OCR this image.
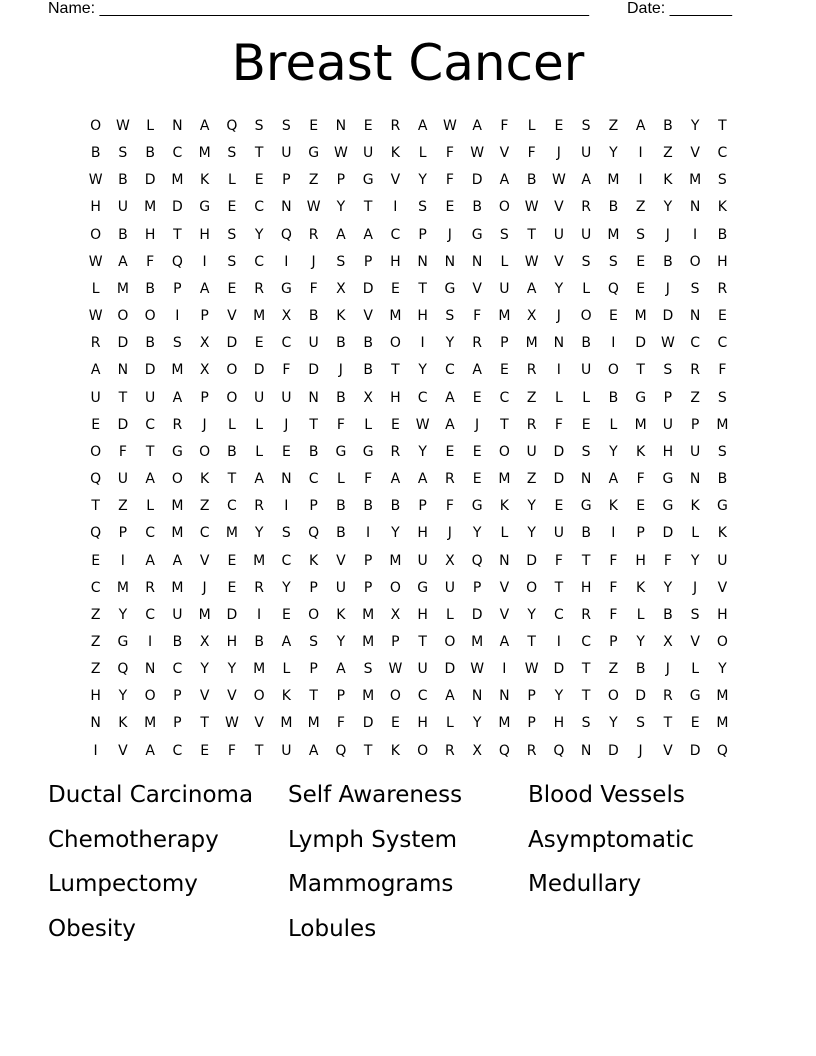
Name: _______________________________________________________ Date: _______
Breast Cancer
O	W	L	N	A	Q	S	S	E	N	E	R	A	W	A	F	L	E	S	Z	A	B	Y	T
B	S	B	C	M	S	T	U	G	W	U	K	L	F	W	V	F	J	U	Y	I	Z	V	C
W	B	D	M	K	L	E	P	Z	P	G	V	Y	F	D	A	B	W	A	M	I	K	M	S
H	U	M	D	G	E	C	N	W	Y	T	I	S	E	B	O	W	V	R	B	Z	Y	N	K
O	B	H	T	H	S	Y	Q	R	A	A	C	P	J	G	S	T	U	U	M	S	J	I	B
W	A	F	Q	I	S	C	I	J	S	P	H	N	N	N	L	W	V	S	S	E	B	O	H
L	M	B	P	A	E	R	G	F	X	D	E	T	G	V	U	A	Y	L	Q	E	J	S	R
W	O	O	I	P	V	M	X	B	K	V	M	H	S	F	M	X	J	O	E	M	D	N	E
R	D	B	S	X	D	E	C	U	B	B	O	I	Y	R	P	M	N	B	I	D	W	C	C
A	N	D	M	X	O	D	F	D	J	B	T	Y	C	A	E	R	I	U	O	T	S	R	F
U	T	U	A	P	O	U	U	N	B	X	H	C	A	E	C	Z	L	L	B	G	P	Z	S
E	D	C	R	J	L	L	J	T	F	L	E	W	A	J	T	R	F	E	L	M	U	P	M
O	F	T	G	O	B	L	E	B	G	G	R	Y	E	E	O	U	D	S	Y	K	H	U	S
Q	U	A	O	K	T	A	N	C	L	F	A	A	R	E	M	Z	D	N	A	F	G	N	B
T	Z	L	M	Z	C	R	I	P	B	B	B	P	F	G	K	Y	E	G	K	E	G	K	G
Q	P	C	M	C	M	Y	S	Q	B	I	Y	H	J	Y	L	Y	U	B	I	P	D	L	K
E	I	A	A	V	E	M	C	K	V	P	M	U	X	Q	N	D	F	T	F	H	F	Y	U
C	M	R	M	J	E	R	Y	P	U	P	O	G	U	P	V	O	T	H	F	K	Y	J	V
Z	Y	C	U	M	D	I	E	O	K	M	X	H	L	D	V	Y	C	R	F	L	B	S	H
Z	G	I	B	X	H	B	A	S	Y	M	P	T	O	M	A	T	I	C	P	Y	X	V	O
Z	Q	N	C	Y	Y	M	L	P	A	S	W	U	D	W	I	W	D	T	Z	B	J	L	Y
H	Y	O	P	V	V	O	K	T	P	M	O	C	A	N	N	P	Y	T	O	D	R	G	M
N	K	M	P	T	W	V	M	M	F	D	E	H	L	Y	M	P	H	S	Y	S	T	E	M
I	V	A	C	E	F	T	U	A	Q	T	K	O	R	X	Q	R	Q	N	D	J	V	D	Q
Ductal Carcinoma	Self Awareness	Blood Vessels
Chemotherapy	Lymph System	Asymptomatic
Lumpectomy	Mammograms	Medullary
Obesity	Lobules
